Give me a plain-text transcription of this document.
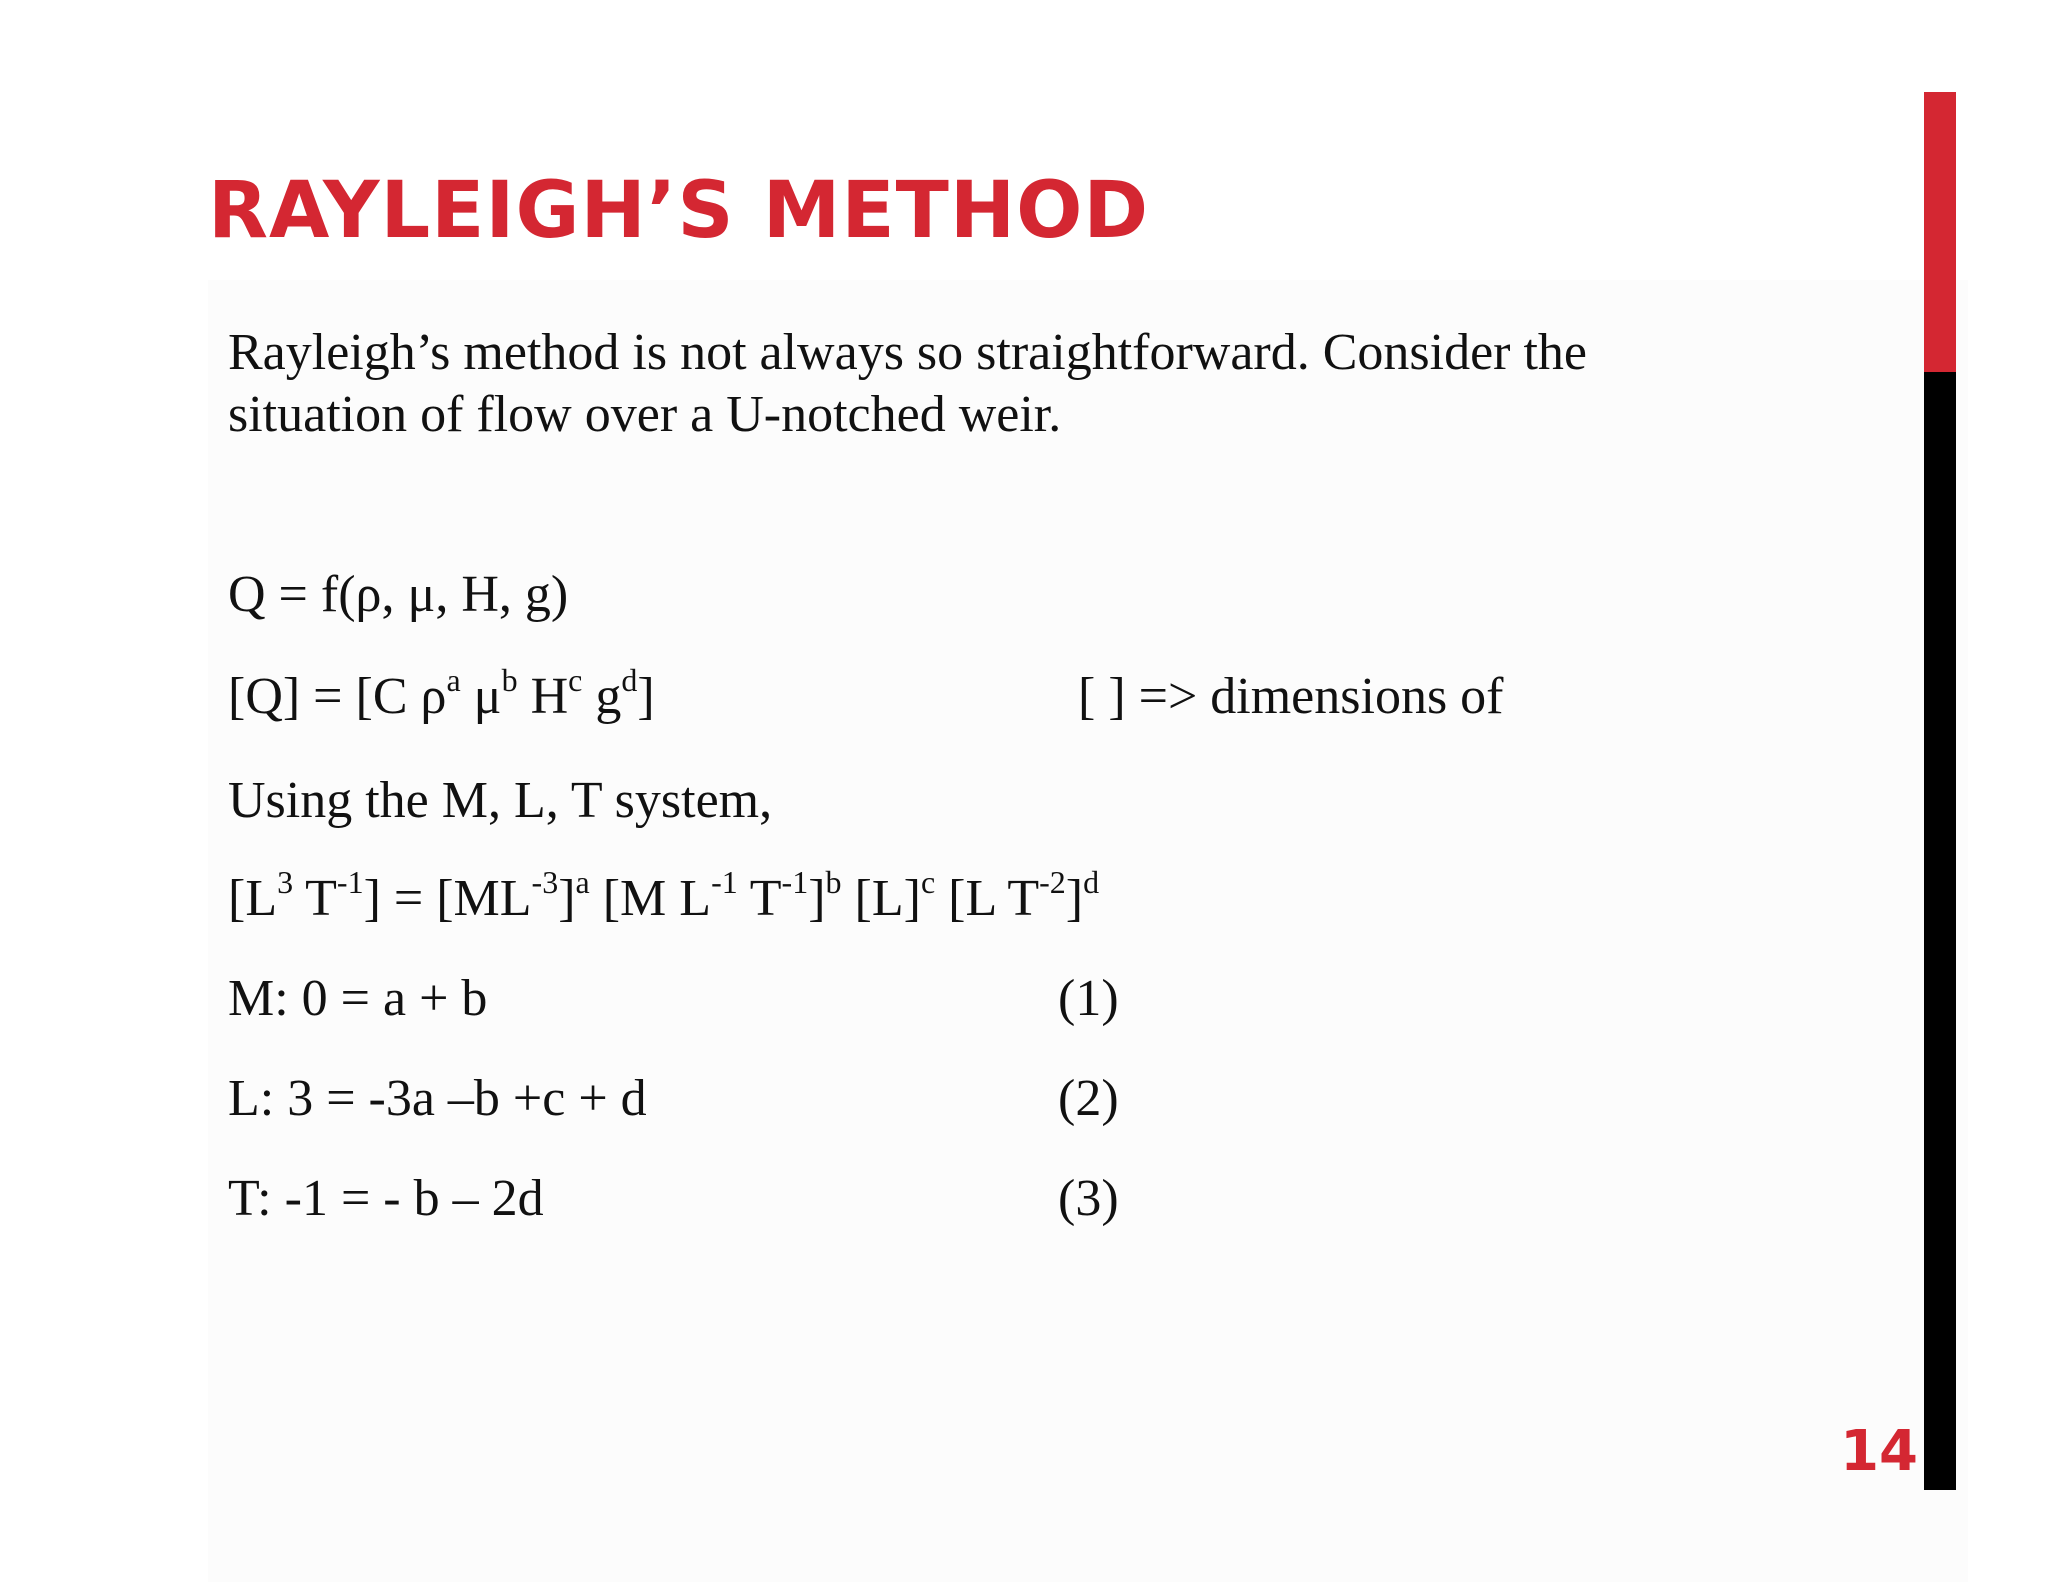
RAYLEIGH’S METHOD
Rayleigh’s method is not always so straightforward. Consider the
situation of flow over a U-notched weir.
Q = f(ρ, μ, H, g)
[Q] = [C $\rho^a$ $\mu^b$ $H^c$ $g^d$]	[ ] => dimensions of
Using the M, L, T system,
[$L^3$ $T^{-1}] = [ML^{-3}]^a$ [M $L^{-1}$ $T^{-1}]^b$ $[L]^c$ [L $T^{-2}]^d$
M: 0 = a + b	(1)
L: 3 = -3a –b +c + d	(2)
T: -1 = - b – 2d	(3)
14
